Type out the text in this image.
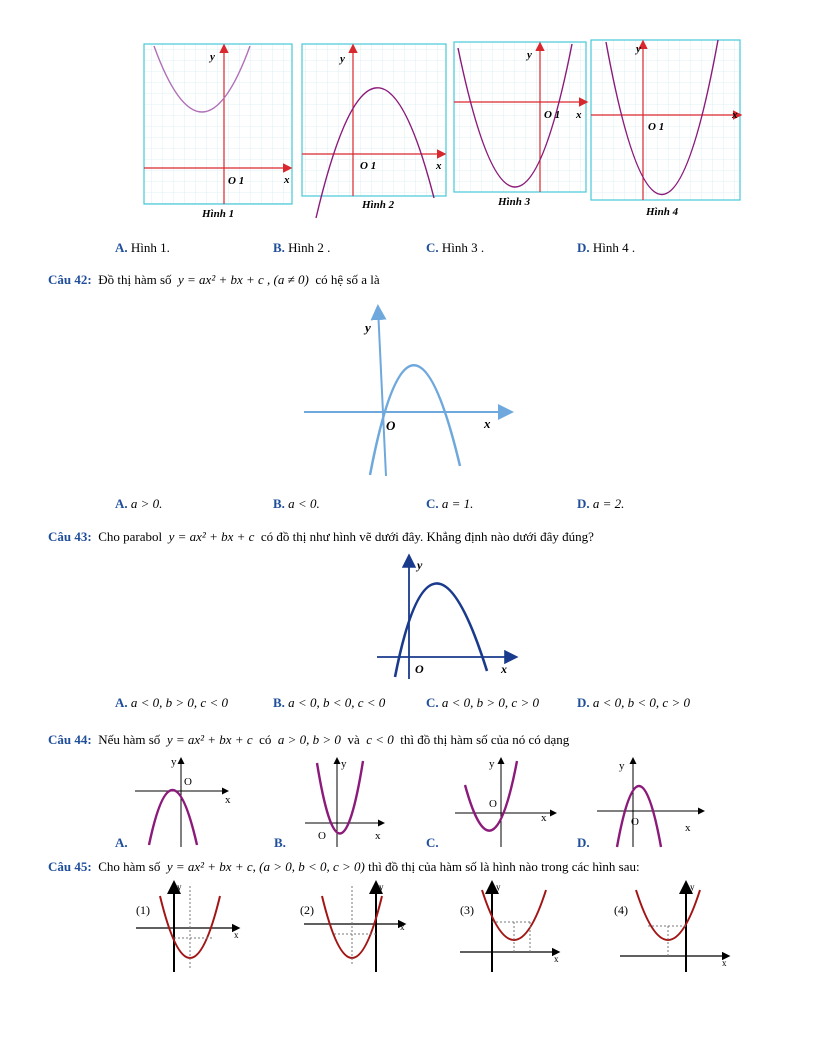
y
O 1	x
Hình 1
y
O 1	x
Hình 2
y
O 1 x
Hình 3
y
O 1
x
Hình 4
A. Hình 1.	B. Hình 2 .	C. Hình 3 .	D. Hình 4 .
Câu 42: Đồ thị hàm số y = ax² + bx + c , (a ≠ 0) có hệ số a là
y
O	x
A. a > 0.	B. a < 0.	C. a = 1.	D. a = 2.
Câu 43: Cho parabol y = ax² + bx + c có đồ thị như hình vẽ dưới đây. Khẳng định nào dưới đây đúng?
y
O	x
A. a < 0, b > 0, c < 0	B. a < 0, b < 0, c < 0	C. a < 0, b > 0, c > 0	D. a < 0, b < 0, c > 0
Câu 44: Nếu hàm số y = ax² + bx + c có a > 0, b > 0 và c < 0 thì đồ thị hàm số của nó có dạng
y
O
x
A.
y
O	x
B.
y
O
x
C.
y
O	x
D.
Câu 45: Cho hàm số y = ax² + bx + c, (a > 0, b < 0, c > 0) thì đồ thị của hàm số là hình nào trong các hình sau:
(1)
y
x
(2)
y
x
(3)
y
x
(4)
y
x
